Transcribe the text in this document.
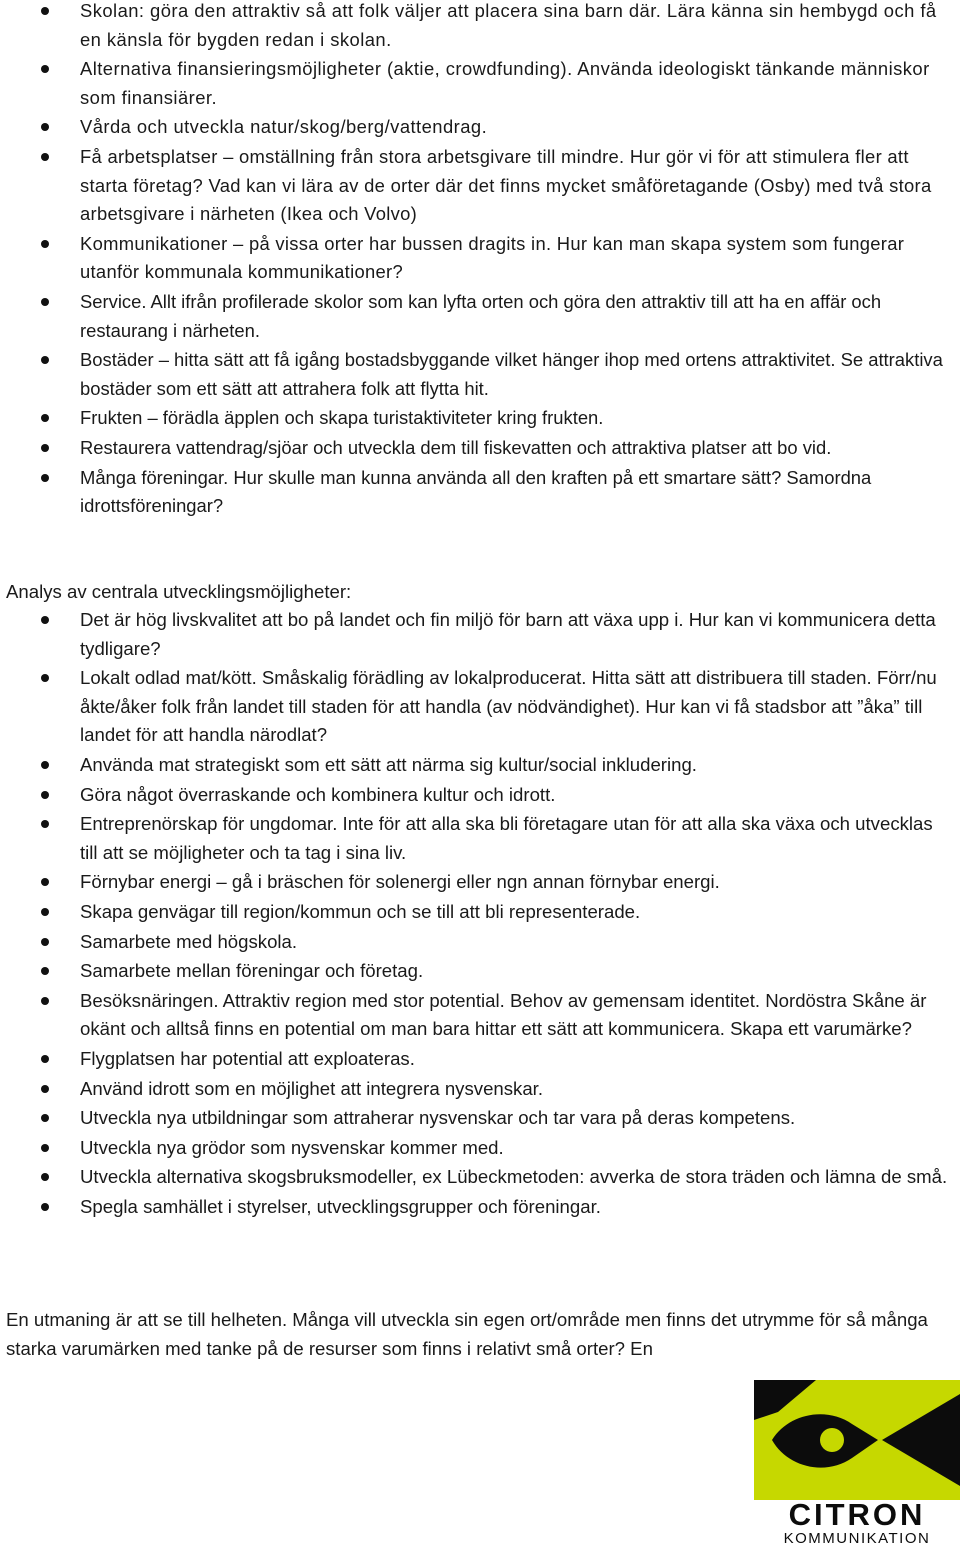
Skolan: göra den attraktiv så att folk väljer att placera sina barn där. Lära känna sin hembygd och få en känsla för bygden redan i skolan.
Alternativa finansieringsmöjligheter (aktie, crowdfunding). Använda ideologiskt tänkande människor som finansiärer.
Vårda och utveckla natur/skog/berg/vattendrag.
Få arbetsplatser – omställning från stora arbetsgivare till mindre. Hur gör vi för att stimulera fler att starta företag? Vad kan vi lära av de orter där det finns mycket småföretagande (Osby) med två stora arbetsgivare i närheten (Ikea och Volvo)
Kommunikationer – på vissa orter har bussen dragits in. Hur kan man skapa system som fungerar utanför kommunala kommunikationer?
Service. Allt ifrån profilerade skolor som kan lyfta orten och göra den attraktiv till att ha en affär och restaurang i närheten.
Bostäder – hitta sätt att få igång bostadsbyggande vilket hänger ihop med ortens attraktivitet. Se attraktiva bostäder som ett sätt att attrahera folk att flytta hit.
Frukten – förädla äpplen och skapa turistaktiviteter kring frukten.
Restaurera vattendrag/sjöar och utveckla dem till fiskevatten och attraktiva platser att bo vid.
Många föreningar. Hur skulle man kunna använda all den kraften på ett smartare sätt? Samordna idrottsföreningar?

Analys av centrala utvecklingsmöjligheter:

Det är hög livskvalitet att bo på landet och fin miljö för barn att växa upp i. Hur kan vi kommunicera detta tydligare?
Lokalt odlad mat/kött. Småskalig förädling av lokalproducerat. Hitta sätt att distribuera till staden. Förr/nu åkte/åker folk från landet till staden för att handla (av nödvändighet). Hur kan vi få stadsbor att ”åka” till landet för att handla närodlat?
Använda mat strategiskt som ett sätt att närma sig kultur/social inkludering.
Göra något överraskande och kombinera kultur och idrott.
Entreprenörskap för ungdomar. Inte för att alla ska bli företagare utan för att alla ska växa och utvecklas till att se möjligheter och ta tag i sina liv.
Förnybar energi – gå i bräschen för solenergi eller ngn annan förnybar energi.
Skapa genvägar till region/kommun och se till att bli representerade.
Samarbete med högskola.
Samarbete mellan föreningar och företag.
Besöksnäringen. Attraktiv region med stor potential. Behov av gemensam identitet. Nordöstra Skåne är okänt och alltså finns en potential om man bara hittar ett sätt att kommunicera. Skapa ett varumärke?
Flygplatsen har potential att exploateras.
Använd idrott som en möjlighet att integrera nysvenskar.
Utveckla nya utbildningar som attraherar nysvenskar och tar vara på deras kompetens.
Utveckla nya grödor som nysvenskar kommer med.
Utveckla alternativa skogsbruksmodeller, ex Lübeckmetoden: avverka de stora träden och lämna de små.
Spegla samhället i styrelser, utvecklingsgrupper och föreningar.

En utmaning är att se till helheten. Många vill utveckla sin egen ort/område men finns det utrymme för så många starka varumärken med tanke på de resurser som finns i relativt små orter? En

CITRON
KOMMUNIKATION
